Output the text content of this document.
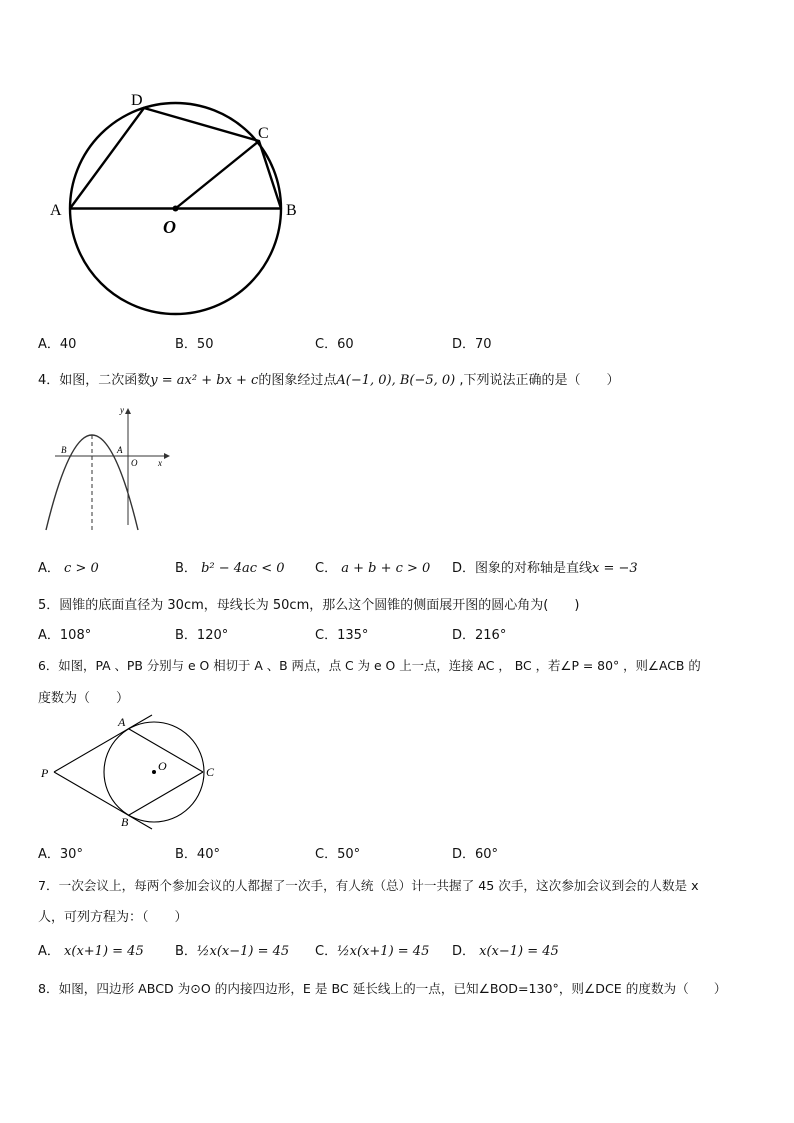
A
D
C
B
O
A．40	B．50	C．60	D．70
4．如图，二次函数y = ax² + bx + c的图象经过点A(−1, 0), B(−5, 0) ,下列说法正确的是（　　）
y
x
B	A
O
A． c > 0	B． b² − 4ac < 0 C． a + b + c > 0 D．图象的对称轴是直线x = −3
5．圆锥的底面直径为 30cm，母线长为 50cm，那么这个圆锥的侧面展开图的圆心角为(　　)
A．108°	B．120°	C．135°	D．216°
6．如图，PA 、PB 分别与 e O 相切于 A 、B 两点，点 C 为 e O 上一点，连接 AC ， BC ，若∠P = 80° ，则∠ACB 的
度数为（　　）
P
A
B
C
O
A．30°	B．40°	C．50°	D．60°
7．一次会议上，每两个参加会议的人都握了一次手，有人统（总）计一共握了 45 次手，这次参加会议到会的人数是 x
人，可列方程为：（　　）
A． x(x+1) = 45 B．½x(x−1) = 45 C．½x(x+1) = 45 D． x(x−1) = 45
8．如图，四边形 ABCD 为⊙O 的内接四边形，E 是 BC 延长线上的一点，已知∠BOD=130°，则∠DCE 的度数为（　　）
